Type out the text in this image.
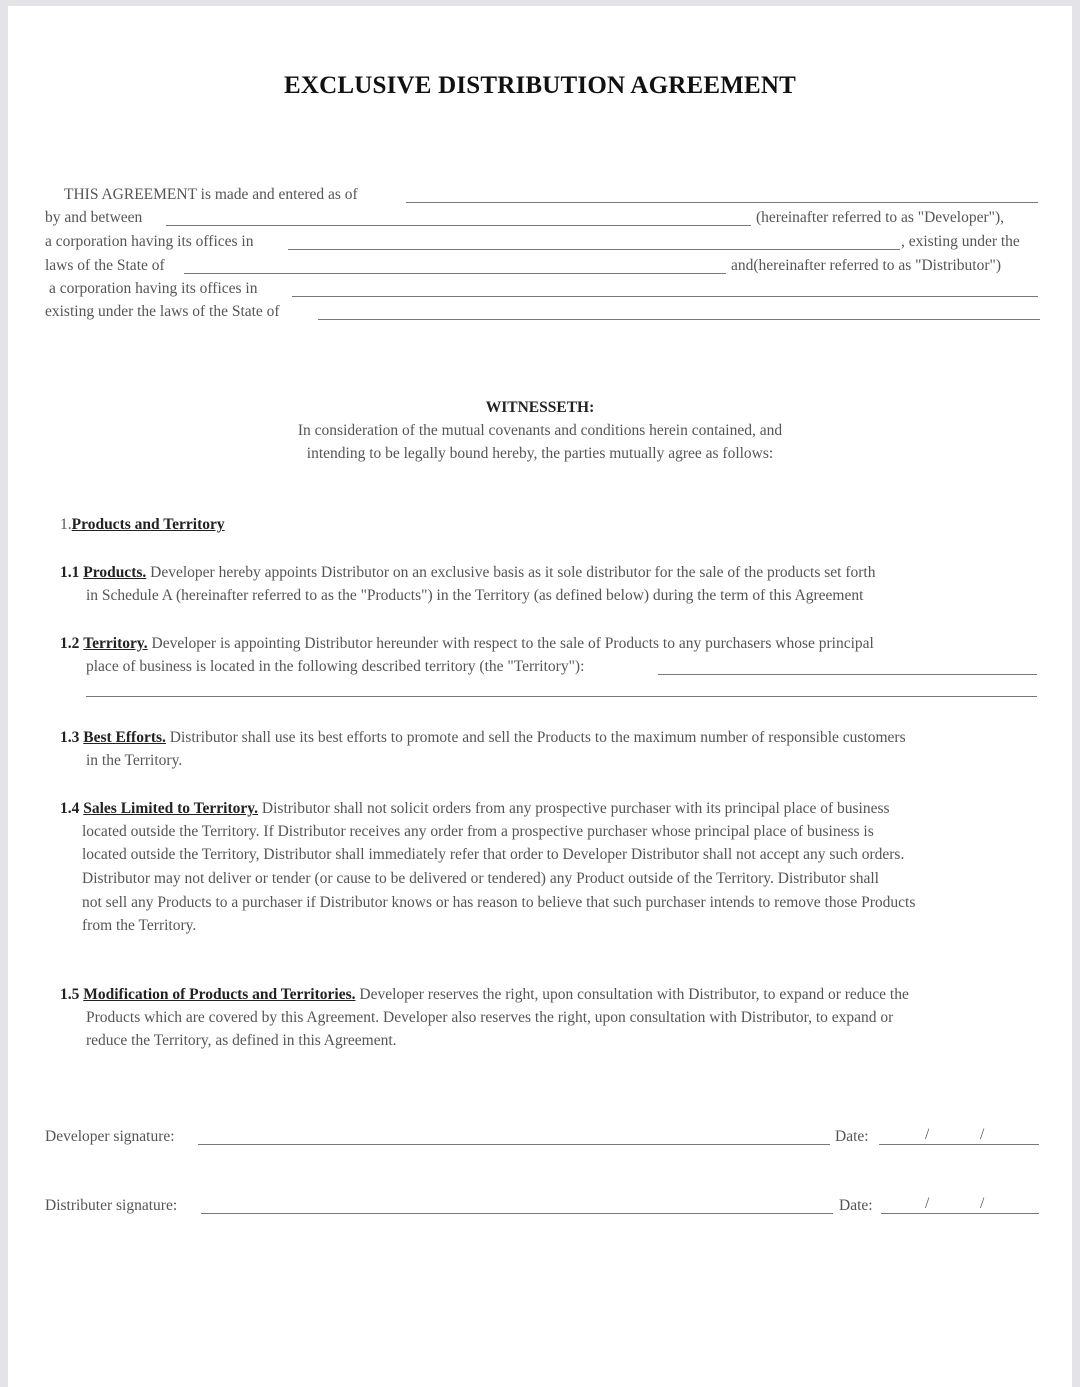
EXCLUSIVE DISTRIBUTION AGREEMENT
THIS AGREEMENT is made and entered as of
by and between	(hereinafter referred to as "Developer"),
a corporation having its offices in	, existing under the
laws of the State of	and(hereinafter referred to as "Distributor")
a corporation having its offices in
existing under the laws of the State of
WITNESSETH:
In consideration of the mutual covenants and conditions herein contained, and
intending to be legally bound hereby, the parties mutually agree as follows:
1.Products and Territory
1.1 Products. Developer hereby appoints Distributor on an exclusive basis as it sole distributor for the sale of the products set forth
in Schedule A (hereinafter referred to as the "Products") in the Territory (as defined below) during the term of this Agreement
1.2 Territory. Developer is appointing Distributor hereunder with respect to the sale of Products to any purchasers whose principal
place of business is located in the following described territory (the "Territory"):
1.3 Best Efforts. Distributor shall use its best efforts to promote and sell the Products to the maximum number of responsible customers
in the Territory.
1.4 Sales Limited to Territory. Distributor shall not solicit orders from any prospective purchaser with its principal place of business
located outside the Territory. If Distributor receives any order from a prospective purchaser whose principal place of business is
located outside the Territory, Distributor shall immediately refer that order to Developer Distributor shall not accept any such orders.
Distributor may not deliver or tender (or cause to be delivered or tendered) any Product outside of the Territory. Distributor shall
not sell any Products to a purchaser if Distributor knows or has reason to believe that such purchaser intends to remove those Products
from the Territory.
1.5 Modification of Products and Territories. Developer reserves the right, upon consultation with Distributor, to expand or reduce the
Products which are covered by this Agreement. Developer also reserves the right, upon consultation with Distributor, to expand or
reduce the Territory, as defined in this Agreement.
Developer signature:	Date:	/	/
Distributer signature:	Date:	/	/
